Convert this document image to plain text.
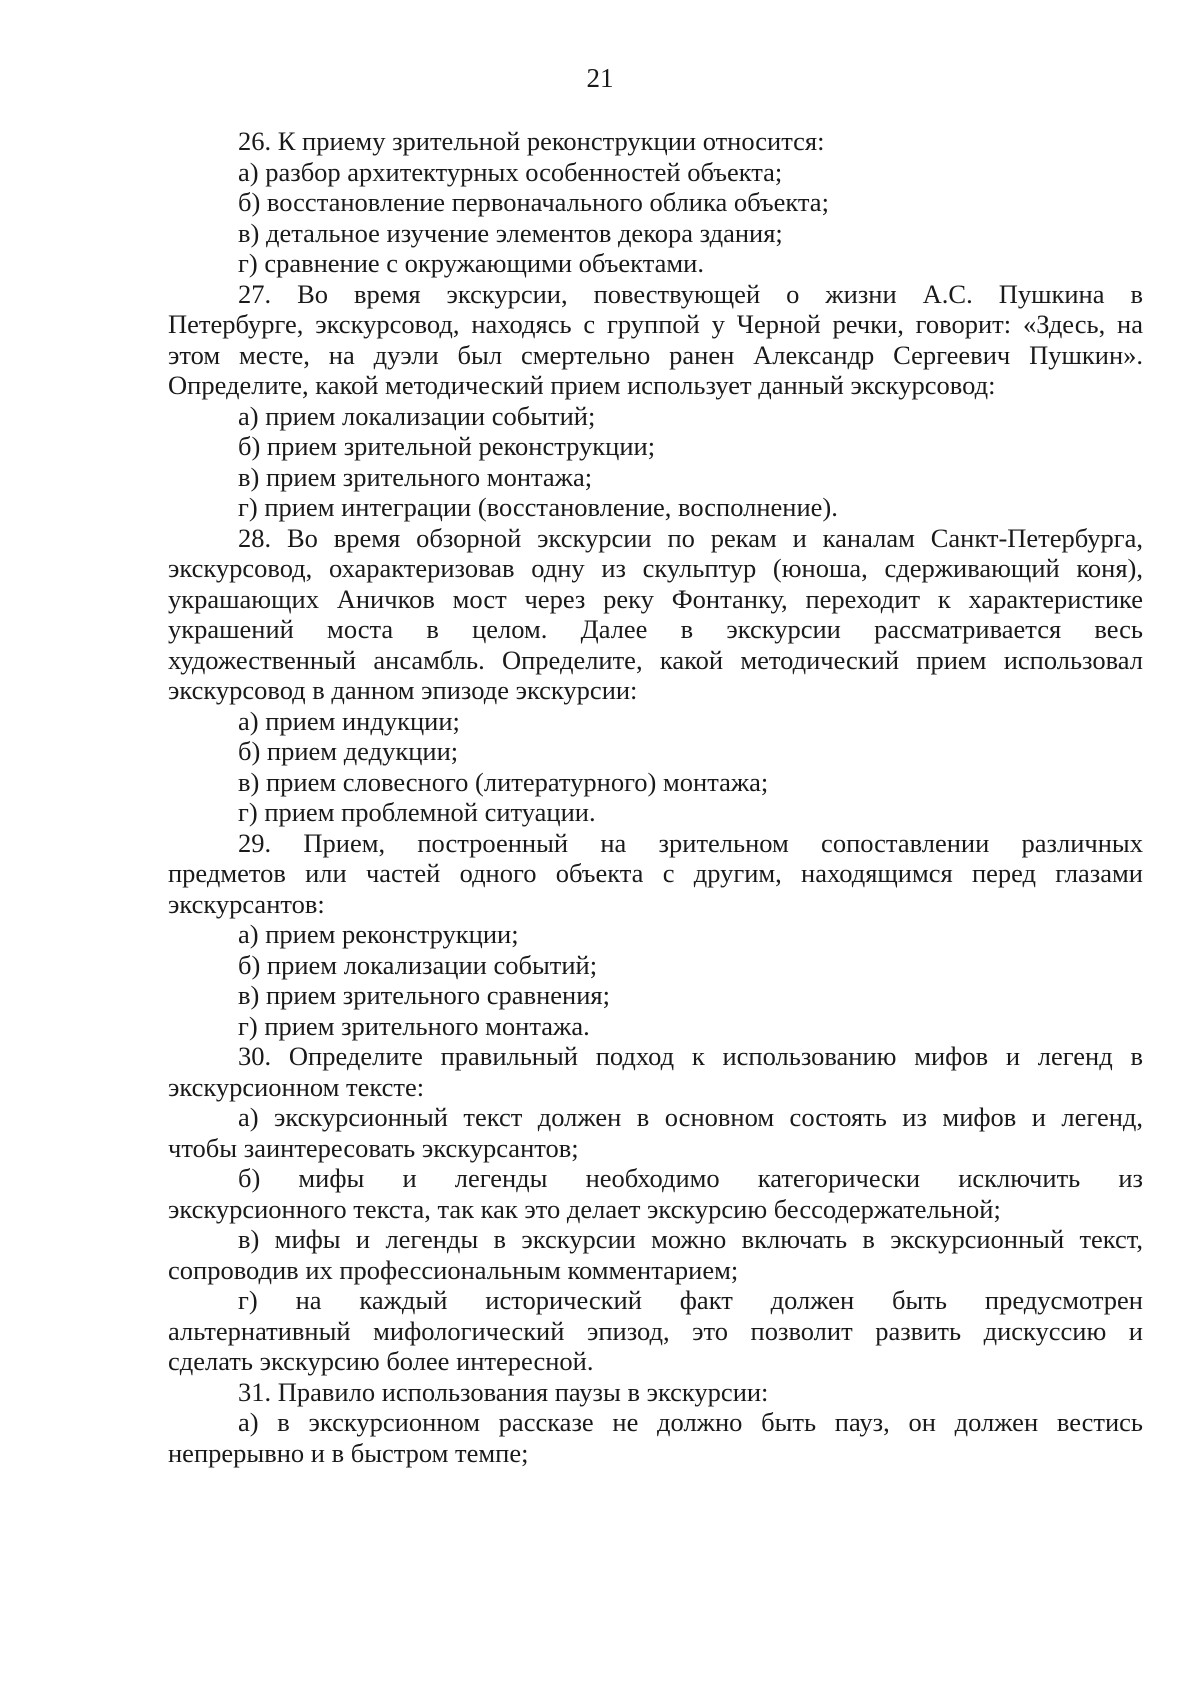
21
26. К приему зрительной реконструкции относится:
а) разбор архитектурных особенностей объекта;
б) восстановление первоначального облика объекта;
в) детальное изучение элементов декора здания;
г) сравнение с окружающими объектами.
27. Во время экскурсии, повествующей о жизни А.С. Пушкина в
Петербурге, экскурсовод, находясь с группой у Черной речки, говорит: «Здесь, на
этом месте, на дуэли был смертельно ранен Александр Сергеевич Пушкин».
Определите, какой методический прием использует данный экскурсовод:
а) прием локализации событий;
б) прием зрительной реконструкции;
в) прием зрительного монтажа;
г) прием интеграции (восстановление, восполнение).
28. Во время обзорной экскурсии по рекам и каналам Санкт-Петербурга,
экскурсовод, охарактеризовав одну из скульптур (юноша, сдерживающий коня),
украшающих Аничков мост через реку Фонтанку, переходит к характеристике
украшений моста в целом. Далее в экскурсии рассматривается весь
художественный ансамбль. Определите, какой методический прием использовал
экскурсовод в данном эпизоде экскурсии:
а) прием индукции;
б) прием дедукции;
в) прием словесного (литературного) монтажа;
г) прием проблемной ситуации.
29. Прием, построенный на зрительном сопоставлении различных
предметов или частей одного объекта с другим, находящимся перед глазами
экскурсантов:
а) прием реконструкции;
б) прием локализации событий;
в) прием зрительного сравнения;
г) прием зрительного монтажа.
30. Определите правильный подход к использованию мифов и легенд в
экскурсионном тексте:
а) экскурсионный текст должен в основном состоять из мифов и легенд,
чтобы заинтересовать экскурсантов;
б) мифы и легенды необходимо категорически исключить из
экскурсионного текста, так как это делает экскурсию бессодержательной;
в) мифы и легенды в экскурсии можно включать в экскурсионный текст,
сопроводив их профессиональным комментарием;
г) на каждый исторический факт должен быть предусмотрен
альтернативный мифологический эпизод, это позволит развить дискуссию и
сделать экскурсию более интересной.
31. Правило использования паузы в экскурсии:
а) в экскурсионном рассказе не должно быть пауз, он должен вестись
непрерывно и в быстром темпе;
